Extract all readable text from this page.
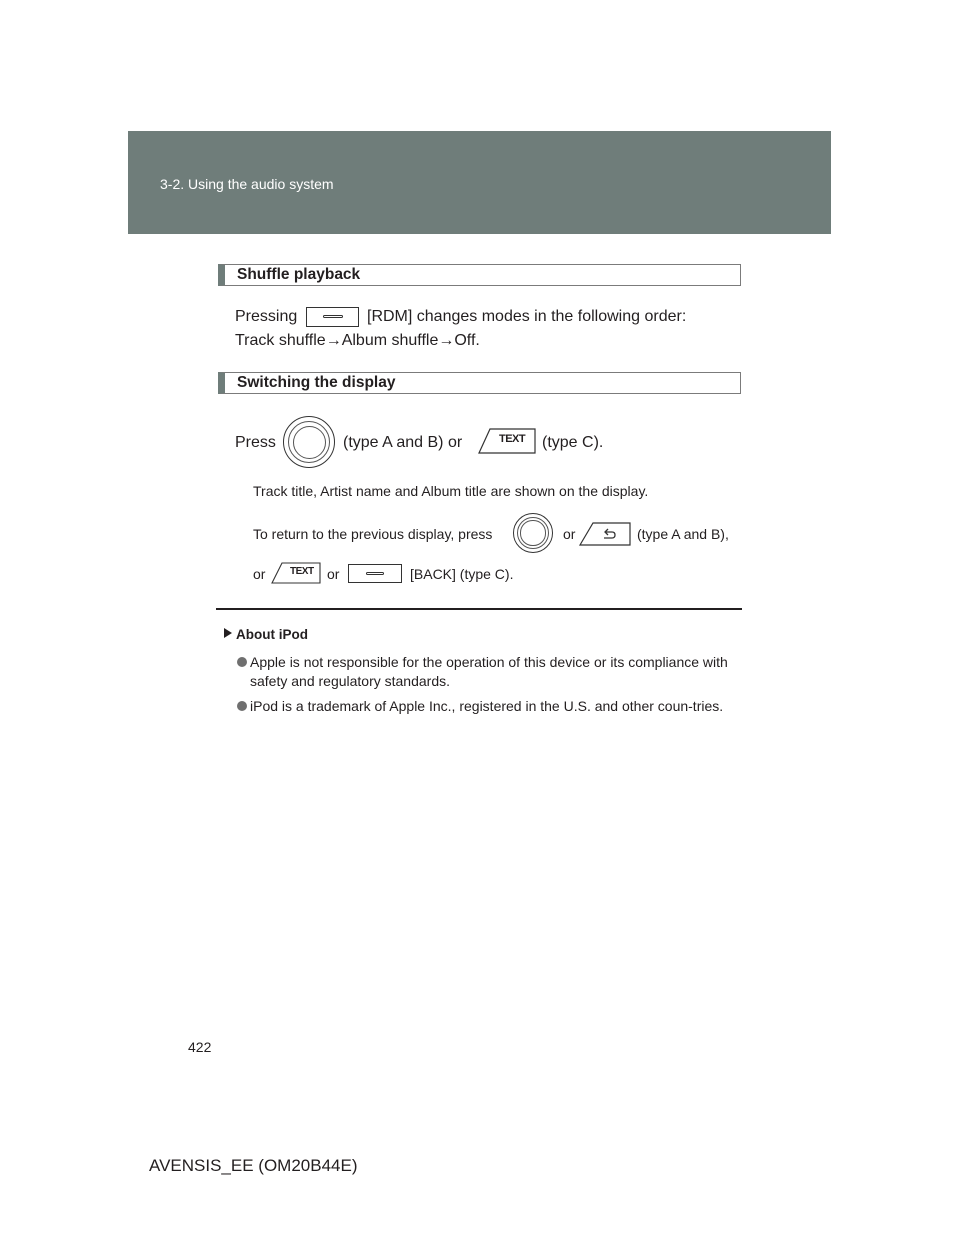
3-2. Using the audio system
Shuffle playback
Pressing	[RDM] changes modes in the following order:
Track shuffle→Album shuffle→Off.
Switching the display
Press	(type A and B) or	TEXT (type C).
Track title, Artist name and Album title are shown on the display.
To return to the previous display, press	or	(type A and B),
or TEXT or	[BACK] (type C).
About iPod
Apple is not responsible for the operation of this device or its compliance with safety and regulatory standards.
iPod is a trademark of Apple Inc., registered in the U.S. and other coun-tries.
422
AVENSIS_EE (OM20B44E)
